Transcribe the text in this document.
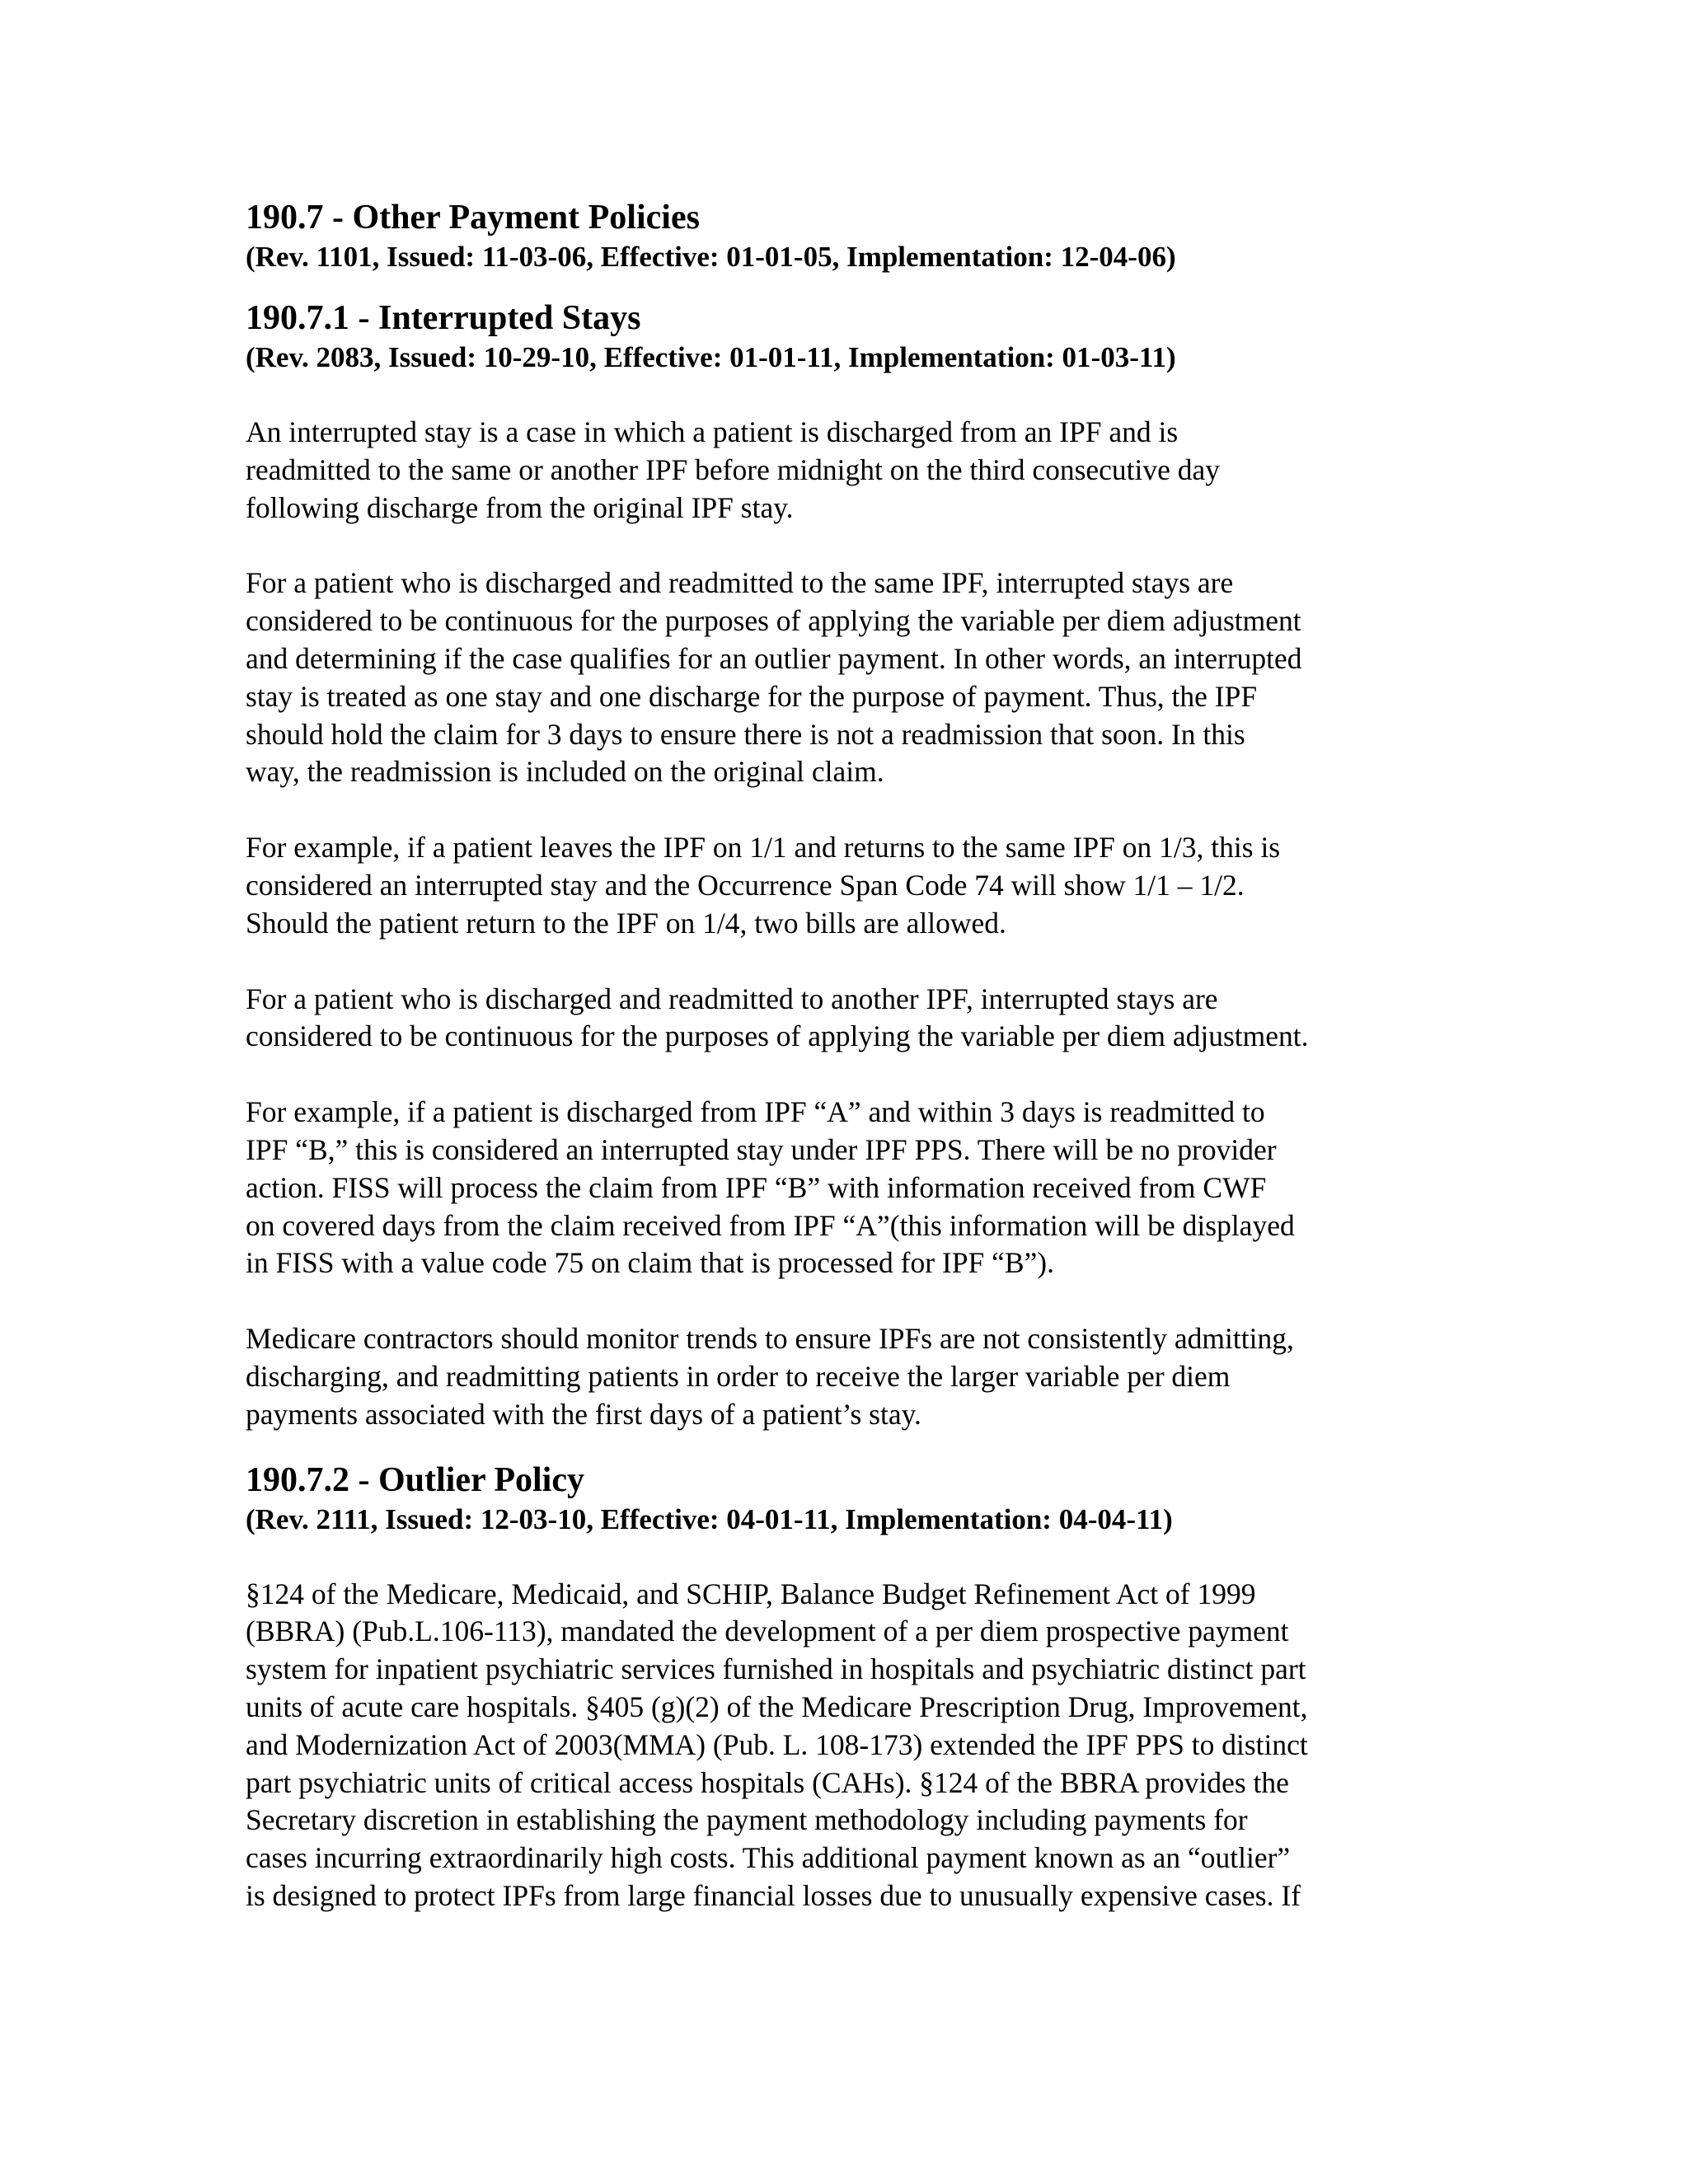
190.7 - Other Payment Policies

(Rev. 1101, Issued: 11-03-06, Effective: 01-01-05, Implementation: 12-04-06)

190.7.1 - Interrupted Stays

(Rev. 2083, Issued: 10-29-10, Effective: 01-01-11, Implementation: 01-03-11)

An interrupted stay is a case in which a patient is discharged from an IPF and is
readmitted to the same or another IPF before midnight on the third consecutive day
following discharge from the original IPF stay.

For a patient who is discharged and readmitted to the same IPF, interrupted stays are
considered to be continuous for the purposes of applying the variable per diem adjustment
and determining if the case qualifies for an outlier payment. In other words, an interrupted
stay is treated as one stay and one discharge for the purpose of payment. Thus, the IPF
should hold the claim for 3 days to ensure there is not a readmission that soon. In this
way, the readmission is included on the original claim.

For example, if a patient leaves the IPF on 1/1 and returns to the same IPF on 1/3, this is
considered an interrupted stay and the Occurrence Span Code 74 will show 1/1 – 1/2.
Should the patient return to the IPF on 1/4, two bills are allowed.

For a patient who is discharged and readmitted to another IPF, interrupted stays are
considered to be continuous for the purposes of applying the variable per diem adjustment.

For example, if a patient is discharged from IPF “A” and within 3 days is readmitted to
IPF “B,” this is considered an interrupted stay under IPF PPS. There will be no provider
action. FISS will process the claim from IPF “B” with information received from CWF
on covered days from the claim received from IPF “A”(this information will be displayed
in FISS with a value code 75 on claim that is processed for IPF “B”).

Medicare contractors should monitor trends to ensure IPFs are not consistently admitting,
discharging, and readmitting patients in order to receive the larger variable per diem
payments associated with the first days of a patient’s stay.

190.7.2 - Outlier Policy

(Rev. 2111, Issued: 12-03-10, Effective: 04-01-11, Implementation: 04-04-11)

§124 of the Medicare, Medicaid, and SCHIP, Balance Budget Refinement Act of 1999
(BBRA) (Pub.L.106-113), mandated the development of a per diem prospective payment
system for inpatient psychiatric services furnished in hospitals and psychiatric distinct part
units of acute care hospitals. §405 (g)(2) of the Medicare Prescription Drug, Improvement,
and Modernization Act of 2003(MMA) (Pub. L. 108-173) extended the IPF PPS to distinct
part psychiatric units of critical access hospitals (CAHs). §124 of the BBRA provides the
Secretary discretion in establishing the payment methodology including payments for
cases incurring extraordinarily high costs. This additional payment known as an “outlier”
is designed to protect IPFs from large financial losses due to unusually expensive cases. If
